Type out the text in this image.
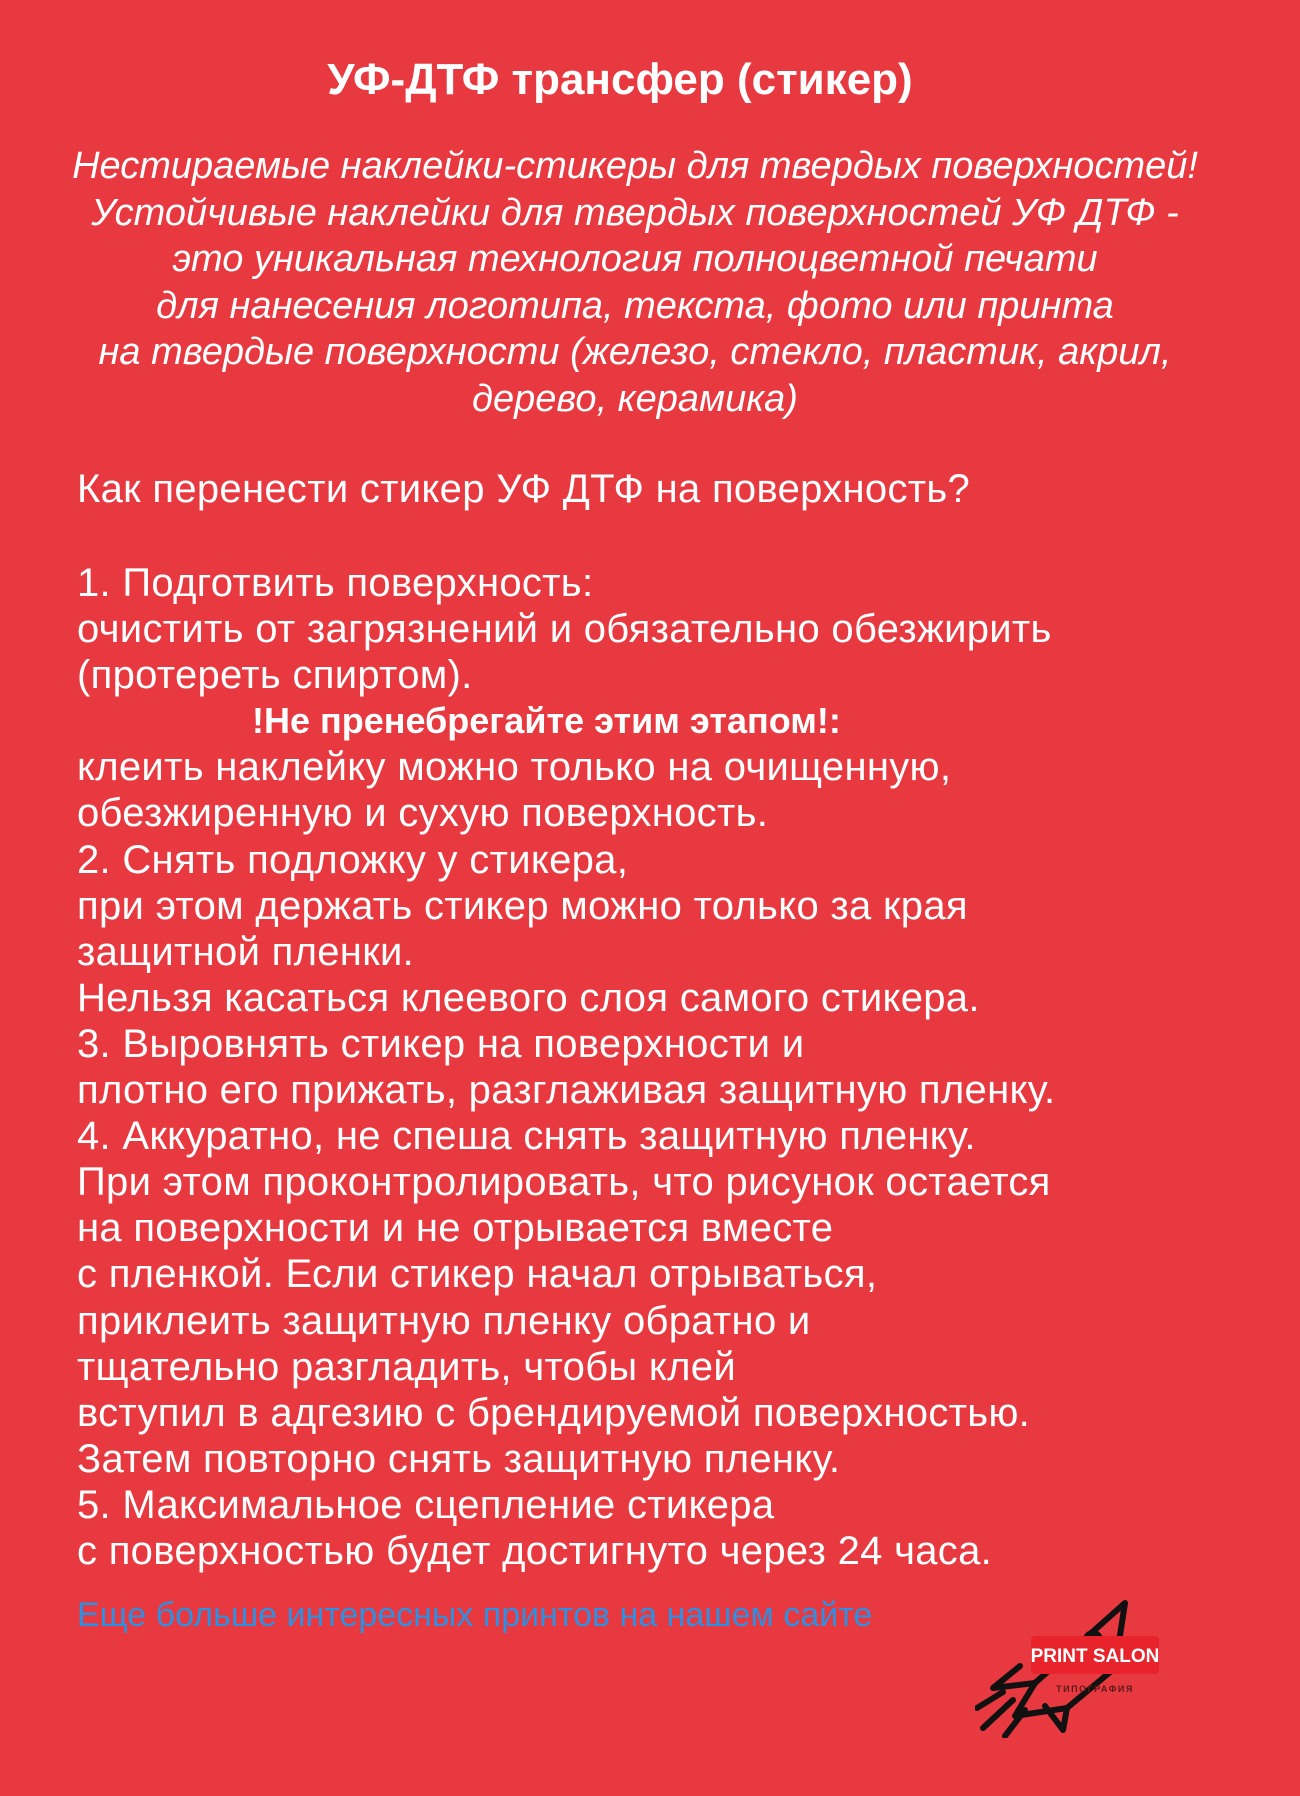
УФ-ДТФ трансфер (стикер)
Нестираемые наклейки-стикеры для твердых поверхностей!
Устойчивые наклейки для твердых поверхностей УФ ДТФ -
это уникальная технология полноцветной печати
для нанесения логотипа, текста, фото или принта
на твердые поверхности (железо, стекло, пластик, акрил,
дерево, керамика)
Как перенести стикер УФ ДТФ на поверхность?
1. Подготвить поверхность:
очистить от загрязнений и обязательно обезжирить
(протереть спиртом).
!Не пренебрегайте этим этапом!:
клеить наклейку можно только на очищенную,
обезжиренную и сухую поверхность.
2. Снять подложку у стикера,
при этом держать стикер можно только за края
защитной пленки.
Нельзя касаться клеевого слоя самого стикера.
3. Выровнять стикер на поверхности и
плотно его прижать, разглаживая защитную пленку.
4. Аккуратно, не спеша снять защитную пленку.
При этом проконтролировать, что рисунок остается
на поверхности и не отрывается вместе
с пленкой. Если стикер начал отрываться,
приклеить защитную пленку обратно и
тщательно разгладить, чтобы клей
вступил в адгезию с брендируемой поверхностью.
Затем повторно снять защитную пленку.
5. Максимальное сцепление стикера
с поверхностью будет достигнуто через 24 часа.
Еще больше интересных принтов на нашем сайте
PRINT SALON
ТИПОГРАФИЯ
